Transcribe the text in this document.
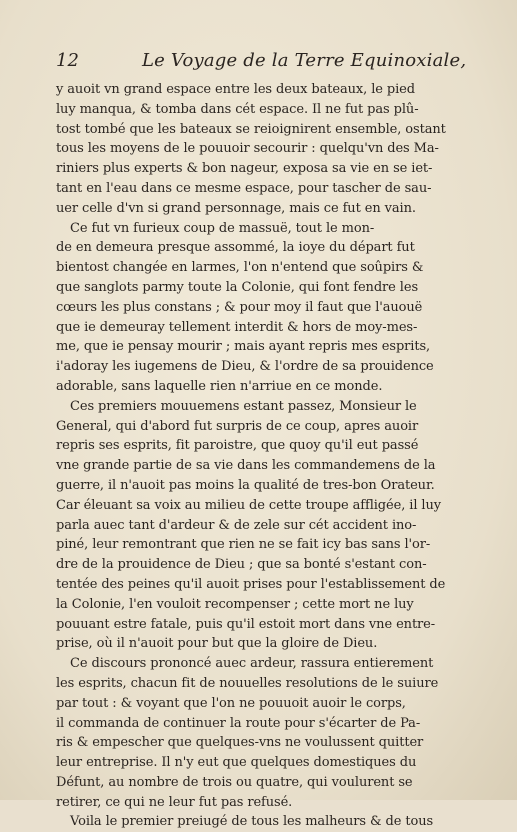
12	Le Voyage de la Terre Equinoxiale,
y auoit vn grand espace entre les deux bateaux, le pied
luy manqua, & tomba dans cét espace. Il ne fut pas plû-
tost tombé que les bateaux se reioignirent ensemble, ostant
tous les moyens de le pouuoir secourir : quelqu'vn des Ma-
riniers plus experts & bon nageur, exposa sa vie en se iet-
tant en l'eau dans ce mesme espace, pour tascher de sau-
uer celle d'vn si grand personnage, mais ce fut en vain.
Ce fut vn furieux coup de massuë, tout le mon-
de en demeura presque assommé, la ioye du départ fut
bientost changée en larmes, l'on n'entend que soûpirs &
que sanglots parmy toute la Colonie, qui font fendre les
cœurs les plus constans ; & pour moy il faut que l'auouë
que ie demeuray tellement interdit & hors de moy-mes-
me, que ie pensay mourir ; mais ayant repris mes esprits,
i'adoray les iugemens de Dieu, & l'ordre de sa prouidence
adorable, sans laquelle rien n'arriue en ce monde.
Ces premiers mouuemens estant passez, Monsieur le
General, qui d'abord fut surpris de ce coup, apres auoir
repris ses esprits, fit paroistre, que quoy qu'il eut passé
vne grande partie de sa vie dans les commandemens de la
guerre, il n'auoit pas moins la qualité de tres-bon Orateur.
Car éleuant sa voix au milieu de cette troupe affligée, il luy
parla auec tant d'ardeur & de zele sur cét accident ino-
piné, leur remontrant que rien ne se fait icy bas sans l'or-
dre de la prouidence de Dieu ; que sa bonté s'estant con-
tentée des peines qu'il auoit prises pour l'establissement de
la Colonie, l'en vouloit recompenser ; cette mort ne luy
pouuant estre fatale, puis qu'il estoit mort dans vne entre-
prise, où il n'auoit pour but que la gloire de Dieu.
Ce discours prononcé auec ardeur, rassura entierement
les esprits, chacun fit de nouuelles resolutions de le suiure
par tout : & voyant que l'on ne pouuoit auoir le corps,
il commanda de continuer la route pour s'écarter de Pa-
ris & empescher que quelques-vns ne voulussent quitter
leur entreprise. Il n'y eut que quelques domestiques du
Défunt, au nombre de trois ou quatre, qui voulurent se
retirer, ce qui ne leur fut pas refusé.
Voila le premier preiugé de tous les malheurs & de tous
